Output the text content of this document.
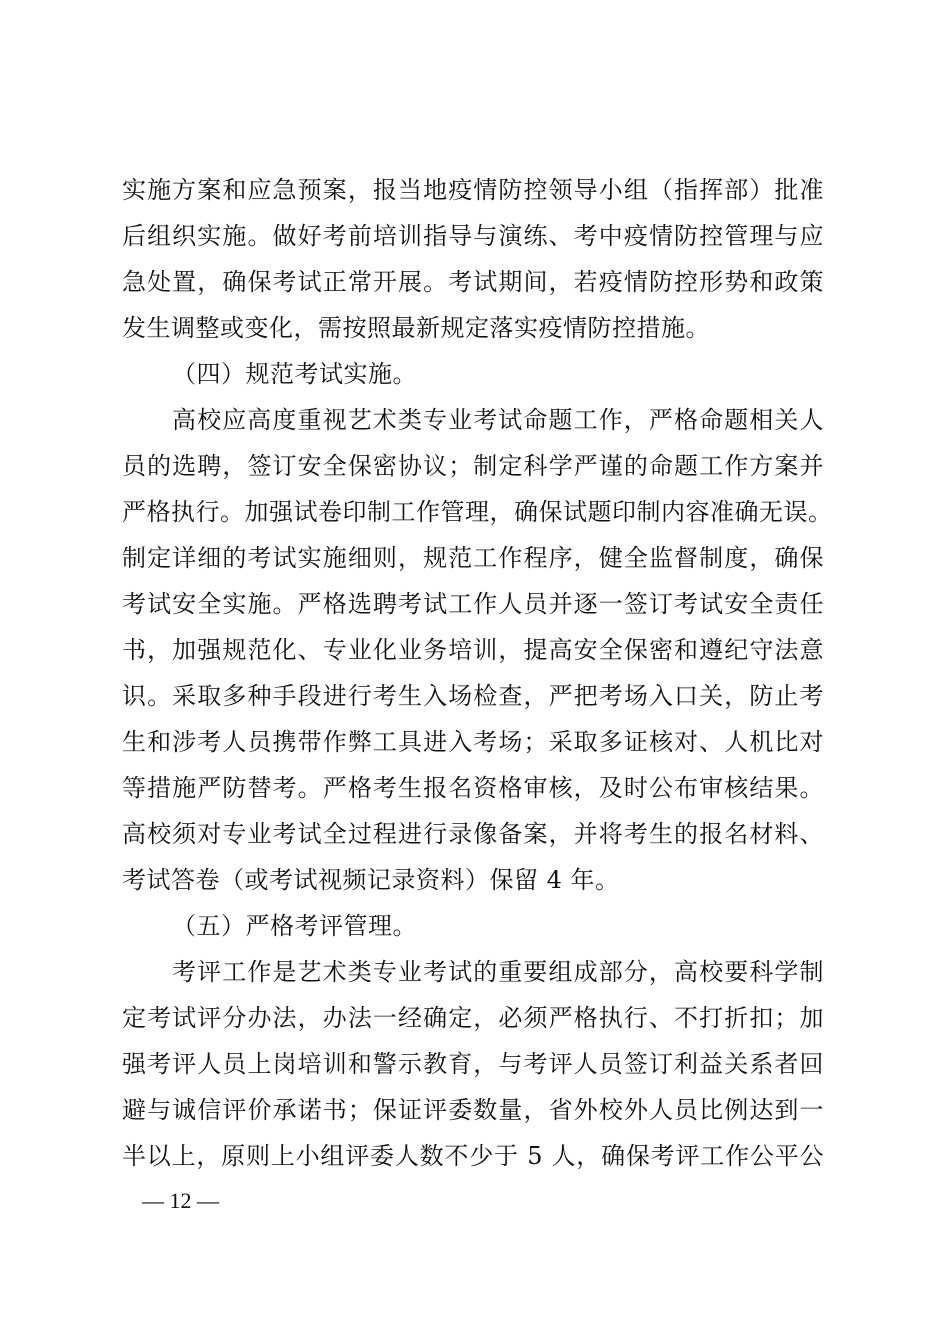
实施方案和应急预案，报当地疫情防控领导小组（指挥部）批准
后组织实施。做好考前培训指导与演练、考中疫情防控管理与应
急处置，确保考试正常开展。考试期间，若疫情防控形势和政策
发生调整或变化，需按照最新规定落实疫情防控措施。
（四）规范考试实施。
高校应高度重视艺术类专业考试命题工作，严格命题相关人
员的选聘，签订安全保密协议；制定科学严谨的命题工作方案并
严格执行。加强试卷印制工作管理，确保试题印制内容准确无误。
制定详细的考试实施细则，规范工作程序，健全监督制度，确保
考试安全实施。严格选聘考试工作人员并逐一签订考试安全责任
书，加强规范化、专业化业务培训，提高安全保密和遵纪守法意
识。采取多种手段进行考生入场检查，严把考场入口关，防止考
生和涉考人员携带作弊工具进入考场；采取多证核对、人机比对
等措施严防替考。严格考生报名资格审核，及时公布审核结果。
高校须对专业考试全过程进行录像备案，并将考生的报名材料、
考试答卷（或考试视频记录资料）保留 4 年。
（五）严格考评管理。
考评工作是艺术类专业考试的重要组成部分，高校要科学制
定考试评分办法，办法一经确定，必须严格执行、不打折扣；加
强考评人员上岗培训和警示教育，与考评人员签订利益关系者回
避与诚信评价承诺书；保证评委数量，省外校外人员比例达到一
半以上，原则上小组评委人数不少于 5 人，确保考评工作公平公
— 12 —
